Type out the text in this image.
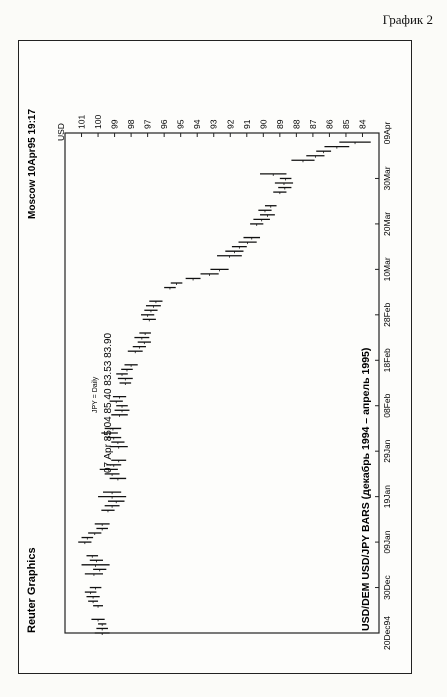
График 2
Reuter Graphics
Moscow 10Apr95 19:17
USD/DEM USD/JPY BARS (декабрь 1994 – апрель 1995)
07 Apr 85.04 85.40 83.53 83.90
JPY = Daily
USD	84
85
86
87
88
89
90
91
92
93
94
95
96
97
98
99
100
101
20Dec94
30Dec
09Jan
19Jan
29Jan
08Feb
18Feb
28Feb
10Mar
20Mar
30Mar
09Apr
